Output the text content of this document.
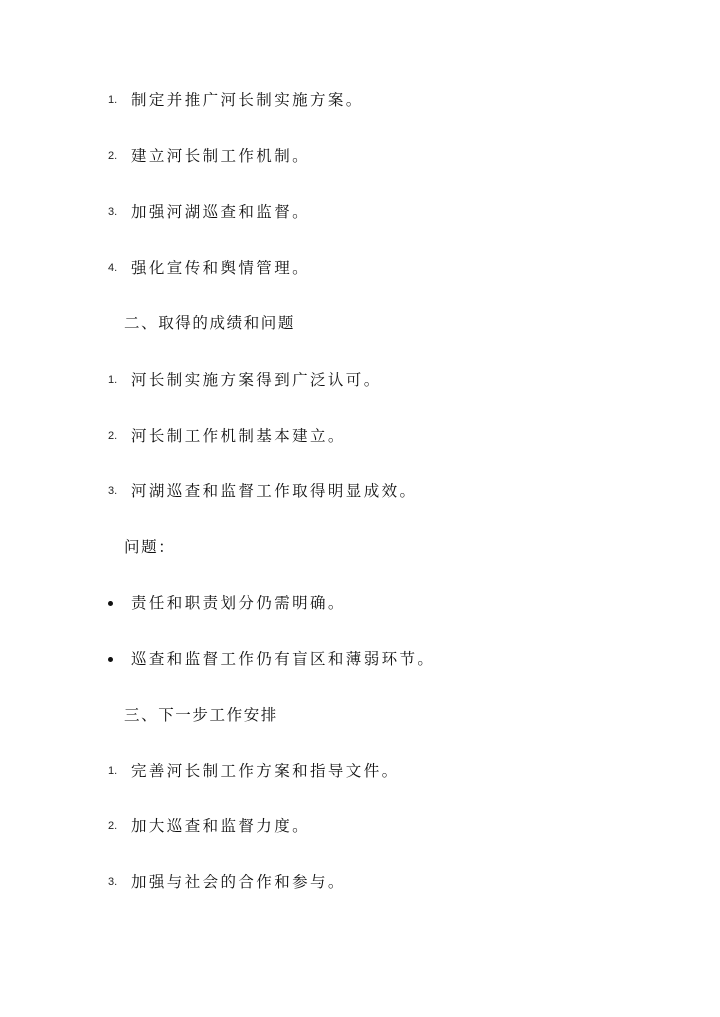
1. 制定并推广河长制实施方案。
2. 建立河长制工作机制。
3. 加强河湖巡查和监督。
4. 强化宣传和舆情管理。
二、取得的成绩和问题
1. 河长制实施方案得到广泛认可。
2. 河长制工作机制基本建立。
3. 河湖巡查和监督工作取得明显成效。
问题：
责任和职责划分仍需明确。
巡查和监督工作仍有盲区和薄弱环节。
三、下一步工作安排
1. 完善河长制工作方案和指导文件。
2. 加大巡查和监督力度。
3. 加强与社会的合作和参与。
